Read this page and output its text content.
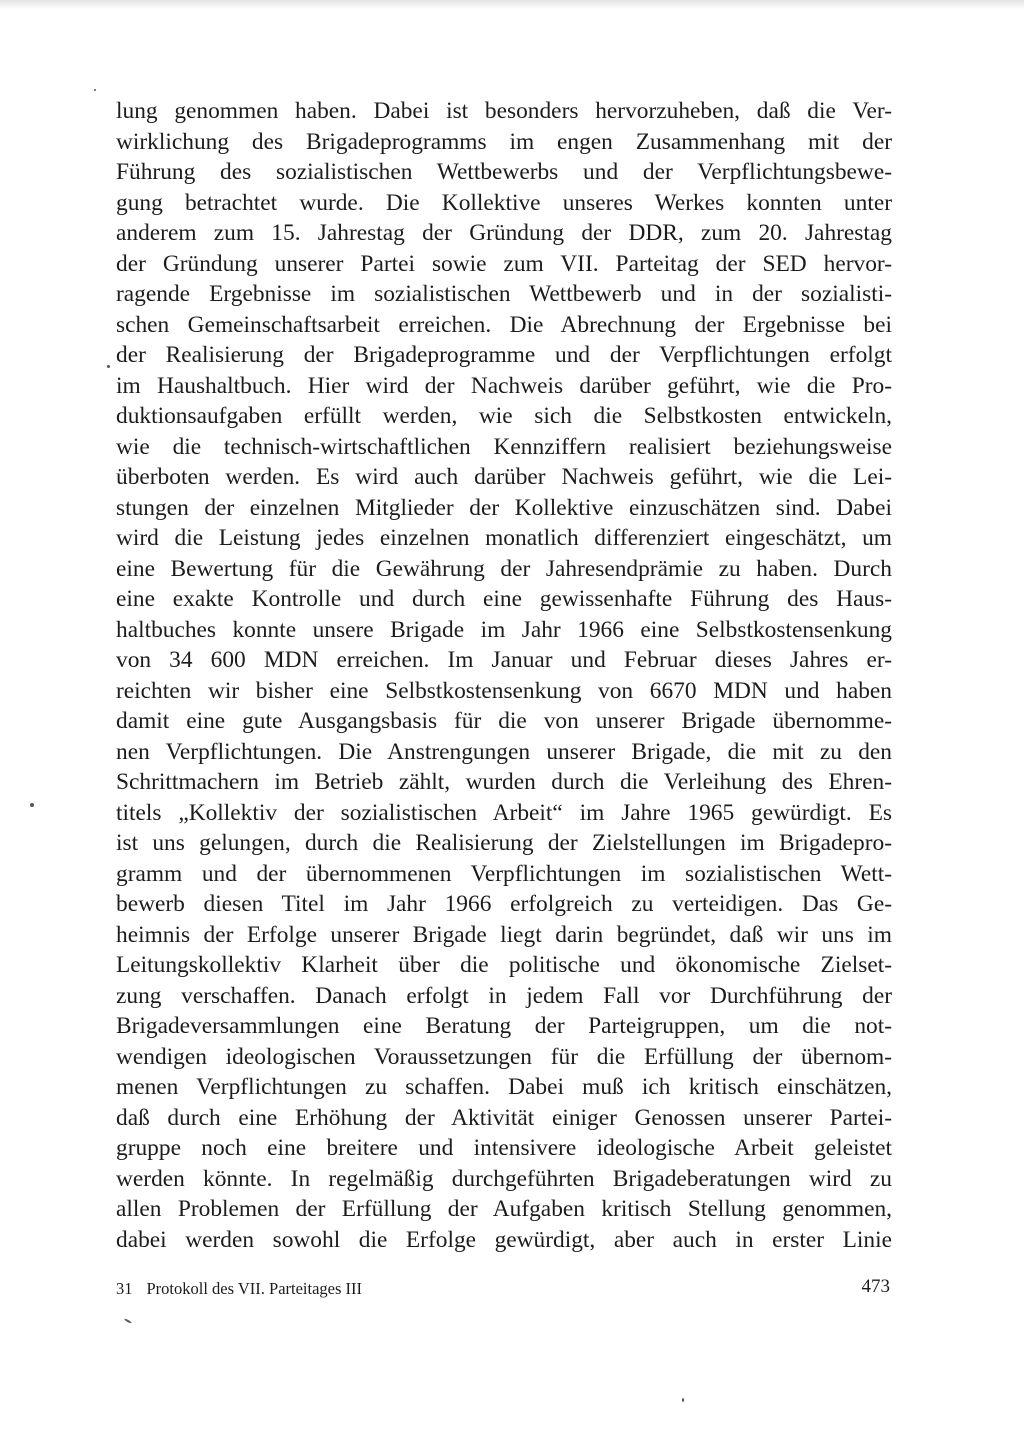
lung genommen haben. Dabei ist besonders hervorzuheben, daß die Ver-
wirklichung des Brigadeprogramms im engen Zusammenhang mit der
Führung des sozialistischen Wettbewerbs und der Verpflichtungsbewe-
gung betrachtet wurde. Die Kollektive unseres Werkes konnten unter
anderem zum 15. Jahrestag der Gründung der DDR, zum 20. Jahrestag
der Gründung unserer Partei sowie zum VII. Parteitag der SED hervor-
ragende Ergebnisse im sozialistischen Wettbewerb und in der sozialisti-
schen Gemeinschaftsarbeit erreichen. Die Abrechnung der Ergebnisse bei
der Realisierung der Brigadeprogramme und der Verpflichtungen erfolgt
im Haushaltbuch. Hier wird der Nachweis darüber geführt, wie die Pro-
duktionsaufgaben erfüllt werden, wie sich die Selbstkosten entwickeln,
wie die technisch-wirtschaftlichen Kennziffern realisiert beziehungsweise
überboten werden. Es wird auch darüber Nachweis geführt, wie die Lei-
stungen der einzelnen Mitglieder der Kollektive einzuschätzen sind. Dabei
wird die Leistung jedes einzelnen monatlich differenziert eingeschätzt, um
eine Bewertung für die Gewährung der Jahresendprämie zu haben. Durch
eine exakte Kontrolle und durch eine gewissenhafte Führung des Haus-
haltbuches konnte unsere Brigade im Jahr 1966 eine Selbstkostensenkung
von 34 600 MDN erreichen. Im Januar und Februar dieses Jahres er-
reichten wir bisher eine Selbstkostensenkung von 6670 MDN und haben
damit eine gute Ausgangsbasis für die von unserer Brigade übernomme-
nen Verpflichtungen. Die Anstrengungen unserer Brigade, die mit zu den
Schrittmachern im Betrieb zählt, wurden durch die Verleihung des Ehren-
titels „Kollektiv der sozialistischen Arbeit“ im Jahre 1965 gewürdigt. Es
ist uns gelungen, durch die Realisierung der Zielstellungen im Brigadepro-
gramm und der übernommenen Verpflichtungen im sozialistischen Wett-
bewerb diesen Titel im Jahr 1966 erfolgreich zu verteidigen. Das Ge-
heimnis der Erfolge unserer Brigade liegt darin begründet, daß wir uns im
Leitungskollektiv Klarheit über die politische und ökonomische Zielset-
zung verschaffen. Danach erfolgt in jedem Fall vor Durchführung der
Brigadeversammlungen eine Beratung der Parteigruppen, um die not-
wendigen ideologischen Voraussetzungen für die Erfüllung der übernom-
menen Verpflichtungen zu schaffen. Dabei muß ich kritisch einschätzen,
daß durch eine Erhöhung der Aktivität einiger Genossen unserer Partei-
gruppe noch eine breitere und intensivere ideologische Arbeit geleistet
werden könnte. In regelmäßig durchgeführten Brigadeberatungen wird zu
allen Problemen der Erfüllung der Aufgaben kritisch Stellung genommen,
dabei werden sowohl die Erfolge gewürdigt, aber auch in erster Linie
31 Protokoll des VII. Parteitages III	473
